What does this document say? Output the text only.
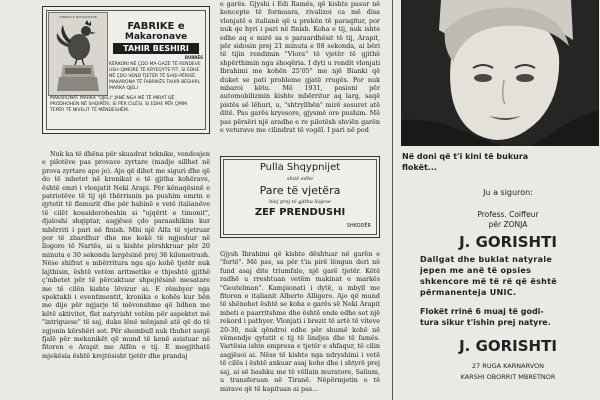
FABRIKA E MAKARONAVE
FABRIKE e
Makaronave
TAHIR BESHIRI
DURRËS
KËRKONI NË ÇDO MA-GAZË TË RENDEVE USH-QIMORE TË KRYEQYTE-TIT, SI EDHE NË ÇDO VEND TJETËR TË SHQI-PËRISË. MAKARONA TË FABRIKËS TAHIR BESHIRI, MARKA QJELI
MAKARONAT MARKA "QJELI" JANË NGA MË TË MIRAT QË PRODHOHEN NË SHQIPËRI, SI PËR CILËSI, SI EDHE PËR ÇMIM TEPËR TË NIVELIT TË MËNDESHËM.

Nuk ka të dhëna për skuadrat teknike, vendosjen e pilotëve pas provave zyrtare (madje sillhet në prova zyrtare apo jo). Ajo që dihet me siguri dhe që do të mbetet në kronikat e të gjitha kohërave, është emri i vlonjatit Neki Arapi. Për kënaqësinë e patriotëve të tij që thërrisnin pa pushim emrin e qytetit të flamurit dhe për habinë e vetë italianëve të cilët konsideroheshin si "ujqërit e timonit", djaloshi shqiptar, asgjësoi çdo paraashikim kur mbërriti i pari në finish. Mbi një Alfa të vjetruar por të zbardhur dhe me kokë të ngjeshur në llogore të Nartës, ai u kishte përshkruar për 20 minuta e 30 sekonda largësinë prej 36 kilometrash. Nëse shifrat e mbërritura nga ajo kohë tjetër nuk lajthisin, është vetëm aritmetike e thjeshtë gjithë ç'mbetet për të përcaktuar shpejtësinë mesatare me të cilën kishte lëvizur ai. E rëmbyer nga spektakli i eventimentit, kronika e kohës kur bën me dije për ngjarje të mëvonshme që lidhen me këtë aktivitet, flet natyrisht vetëm për aspektet më "intriguese" të saj, duke lënë mënjanë atë që do të zgjonin kërshëri sot. Për shembull nuk thuhet asnjë fjalë për mekanikët që mund të kenë asistuar në fitoren e Arapit me Alfën e tij. E megjithatë mjekësia është krejtësisht tjetër dhe prandaj

e garës. Gjyshi i Edi Ramës, që kishte pasur në koncepte të formuara, rivalizoi ca më disa vlonjatë e italianë që u prekën të paraqitur, por nuk qe hyri i pari në finish. Koha e tij, nuk ishte edhe aq e mirë sa e paraardhësit të tij, Arapit, për sidosin prej 21 minuta e 08 sekonda, ai bëri të tijin rendimin "Vlora" të vjetër të gjithë shpërthimin nga shoqëria. I dyti u rendit vlonjati Ibrahimi me kohën 25'05" me një Bianki që duket se pati probleme gjatë rrugës. Por nuk mbaroi këtu. Më 1931, pasioni për automobilizmin kishte mbërritur aq larg, saqë pistës së lëhuri, u, "shtryllhën" mirë sesuret atë ditë. Pas garës kryesore, gjysmë ore pushim. Më pas përsëri një aradhe e re pilotësh shviën garën e veturave me cilindrat të vogël. I pari në pod

Pulla Shqypnijet
shitë edhe
Pare të vjetëra
blej prej të gjitha llojeve
ZEF PRENDUSHI
SHKODËR

Gjysh Ibrahimi që kishte dështuar në garën e "fortë". Më pas, sa për t'ia pirë lëngun deri në fund asaj dite triumfale, një garë tjetër. Këtë radhë u rreshtuan vetëm makinat e markës "Geutelman". Kampionati i dytë, u mbyll me fitoren e italianit Alberto Alligero. Ajo që mund të shënohet është se koha e garës së Neki Arapit mbeti e paarritshme dhe është ende edhe sot një rekord i pathyer. Vlonjati i brezit të artë të viteve 20-30, nuk qëndroi edhe për shumë kohë në vëmendje qytetit e tij të lindjes dhe të famës. Vartësia ishte empresa e tjetër e shfaqur, të cilin asgjësoi ai. Nëse të kishte nga ndryshimi i vetë të cilës i është ankuar asaj kohe dhe i shtyrë prej saj, ai së bashku me të vëllain muratore, Salium, u transferuan në Tiranë. Nëpërmjetin e të mirave që të kapituan ai pas...

Në doni që t'i kini të bukura
flokët...
Ju a siguron:
Profess. Coiffeur
për ZONJA
J. GORISHTI
Dallgat dhe buklat natyrale
jepen me anë të opsies
shkencore më të rë që është
përmanenteja UNIC.
Flokët rrinë 6 muaj të godi-
tura sikur t'ishin prej natyre.
J. GORISHTI
27 RUGA KARNARVON
KARSHI OBORRIT MBRETNOR
